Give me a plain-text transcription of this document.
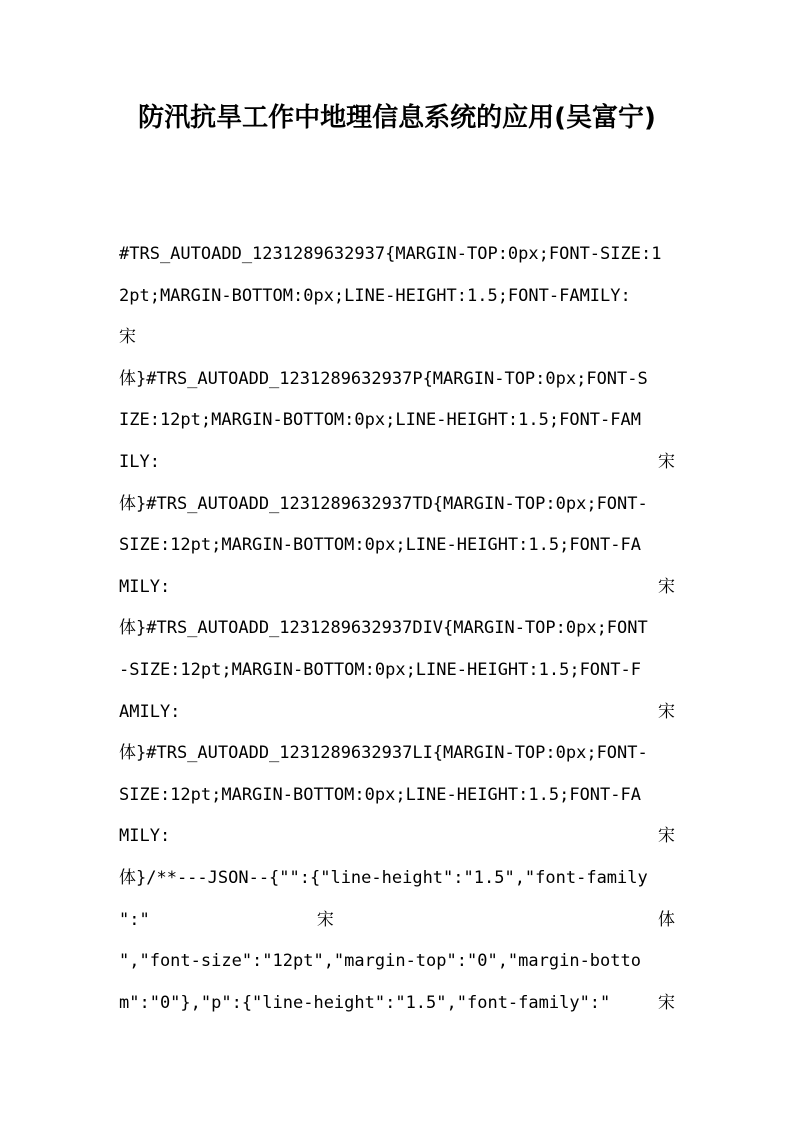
防汛抗旱工作中地理信息系统的应用(吴富宁)
#TRS_AUTOADD_1231289632937{MARGIN-TOP:0px;FONT-SIZE:1
2pt;MARGIN-BOTTOM:0px;LINE-HEIGHT:1.5;FONT-FAMILY:
宋
体}#TRS_AUTOADD_1231289632937P{MARGIN-TOP:0px;FONT-S
IZE:12pt;MARGIN-BOTTOM:0px;LINE-HEIGHT:1.5;FONT-FAM
ILY: 宋
体}#TRS_AUTOADD_1231289632937TD{MARGIN-TOP:0px;FONT-
SIZE:12pt;MARGIN-BOTTOM:0px;LINE-HEIGHT:1.5;FONT-FA
MILY: 宋
体}#TRS_AUTOADD_1231289632937DIV{MARGIN-TOP:0px;FONT
-SIZE:12pt;MARGIN-BOTTOM:0px;LINE-HEIGHT:1.5;FONT-F
AMILY: 宋
体}#TRS_AUTOADD_1231289632937LI{MARGIN-TOP:0px;FONT-
SIZE:12pt;MARGIN-BOTTOM:0px;LINE-HEIGHT:1.5;FONT-FA
MILY: 宋
体}/**---JSON--{"":{"line-height":"1.5","font-family
":" 宋 体
","font-size":"12pt","margin-top":"0","margin-botto
m":"0"},"p":{"line-height":"1.5","font-family":" 宋
